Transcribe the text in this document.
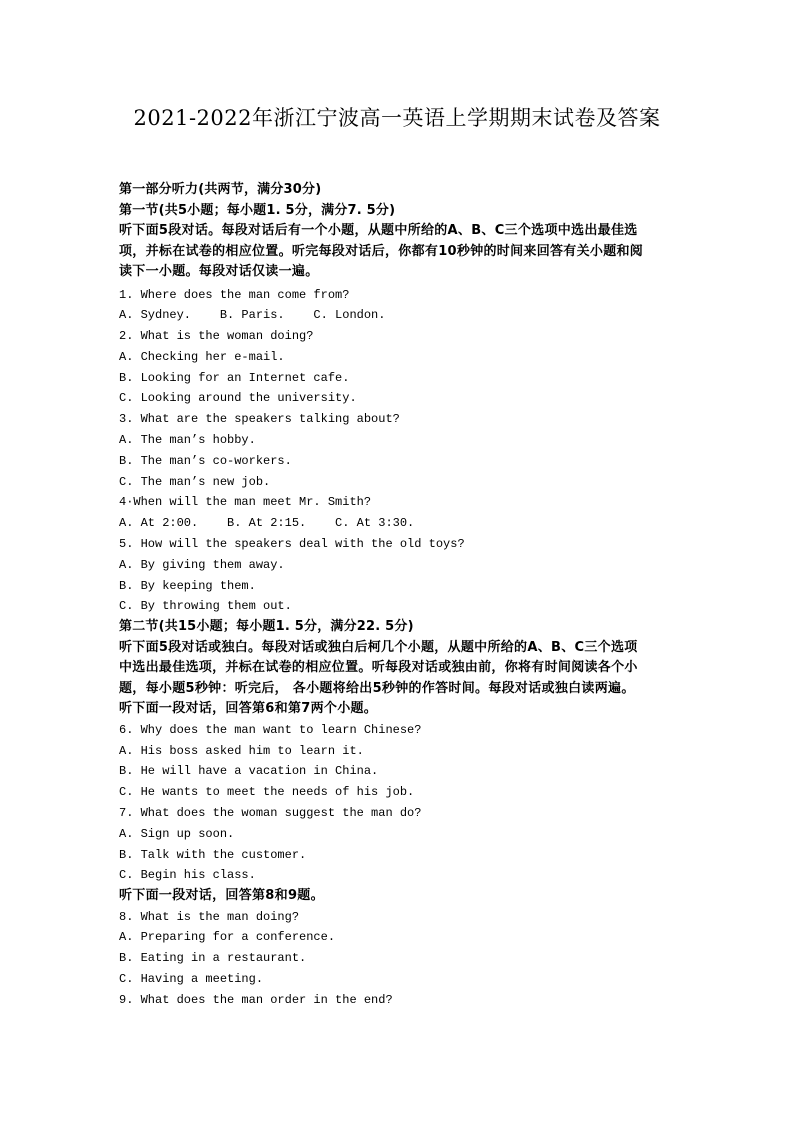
2021-2022年浙江宁波高一英语上学期期末试卷及答案

第一部分听力(共两节，满分30分)

第一节(共5小题；每小题1. 5分，满分7. 5分)

听下面5段对话。每段对话后有一个小题，从题中所给的A、B、C三个选项中选出最佳选

项，并标在试卷的相应位置。听完每段对话后，你都有10秒钟的时间来回答有关小题和阅

读下一小题。每段对话仅读一遍。

1. Where does the man come from?

A. Sydney.    B. Paris.    C. London.

2. What is the woman doing?

A. Checking her e-mail.

B. Looking for an Internet cafe.

C. Looking around the university.

3. What are the speakers talking about?

A. The man’s hobby.

B. The man’s co-workers.

C. The man’s new job.

4·When will the man meet Mr. Smith?

A. At 2:00.    B. At 2:15.    C. At 3:30.

5. How will the speakers deal with the old toys?

A. By giving them away.

B. By keeping them.

C. By throwing them out.

第二节(共15小题；每小题1. 5分，满分22. 5分)

听下面5段对话或独白。每段对话或独白后柯几个小题，从题中所给的A、B、C三个选项

中选出最佳选项，并标在试卷的相应位置。听每段对话或独由前，你将有时间阅读各个小

题，每小题5秒钟：听完后， 各小题将给出5秒钟的作答时间。每段对话或独白读两遍。

听下面一段对话，回答第6和第7两个小题。

6. Why does the man want to learn Chinese?

A. His boss asked him to learn it.

B. He will have a vacation in China.

C. He wants to meet the needs of his job.

7. What does the woman suggest the man do?

A. Sign up soon.

B. Talk with the customer.

C. Begin his class.

听下面一段对话，回答第8和9题。

8. What is the man doing?

A. Preparing for a conference.

B. Eating in a restaurant.

C. Having a meeting.

9. What does the man order in the end?
